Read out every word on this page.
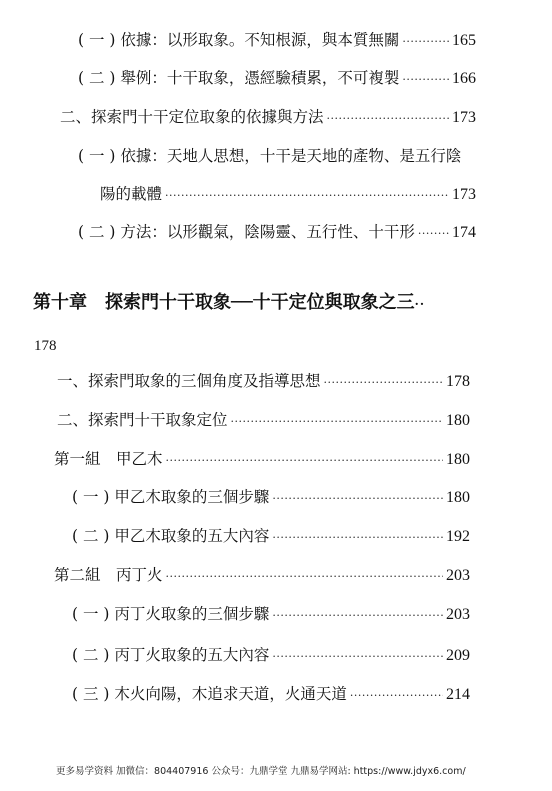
( 一 ) 依據：以形取象。不知根源，與本質無關 ·····	165
( 二 ) 舉例：十干取象，憑經驗積累，不可複製 ·····	166
二、探索門十干定位取象的依據與方法 ·····	173
( 一 ) 依據：天地人思想，十干是天地的產物、是五行陰
陽的載體 ·····	173
( 二 ) 方法：以形觀氣，陰陽靈、五行性、十干形 ····· 174
第十章　探索門十干取象──十干定位與取象之三··
178
一、探索門取象的三個角度及指導思想 ·····	178
二、探索門十干取象定位 ·····	180
第一組　甲乙木 ·····	180
( 一 ) 甲乙木取象的三個步驟 ·····	180
( 二 ) 甲乙木取象的五大內容 ·····	192
第二組　丙丁火 ·····	203
( 一 ) 丙丁火取象的三個步驟 ·····	203
( 二 ) 丙丁火取象的五大內容 ·····	209
( 三 ) 木火向陽，木追求天道，火通天道 ·····	214
更多易学资料 加微信：804407916 公众号：九鼎学堂 九鼎易学网站: https://www.jdyx6.com/
